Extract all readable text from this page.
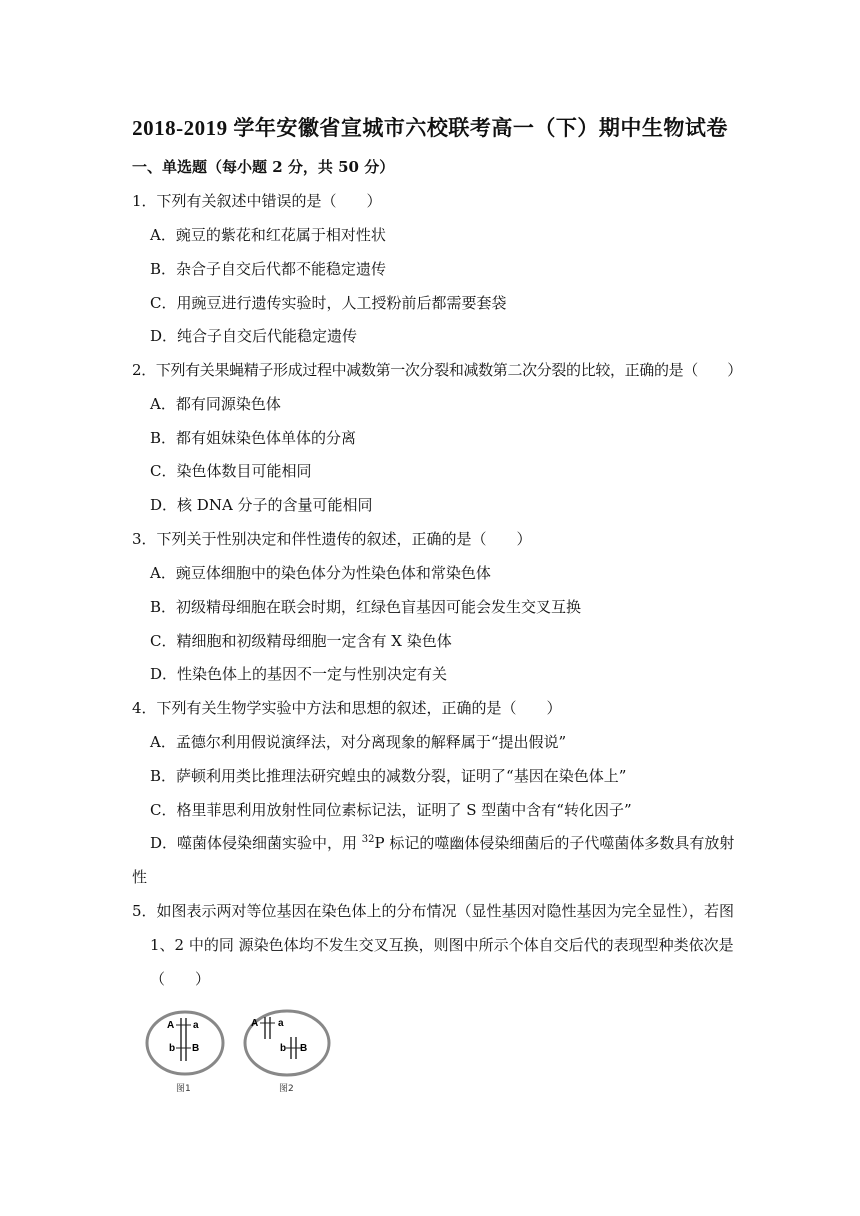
2018-2019 学年安徽省宣城市六校联考高一（下）期中生物试卷
一、单选题（每小题 2 分，共 50 分）
1．下列有关叙述中错误的是（　　）
A．豌豆的紫花和红花属于相对性状
B．杂合子自交后代都不能稳定遗传
C．用豌豆进行遗传实验时，人工授粉前后都需要套袋
D．纯合子自交后代能稳定遗传
2．下列有关果蝇精子形成过程中减数第一次分裂和减数第二次分裂的比较，正确的是（　　）
A．都有同源染色体
B．都有姐妹染色体单体的分离
C．染色体数目可能相同
D．核 DNA 分子的含量可能相同
3．下列关于性别决定和伴性遗传的叙述，正确的是（　　）
A．豌豆体细胞中的染色体分为性染色体和常染色体
B．初级精母细胞在联会时期，红绿色盲基因可能会发生交叉互换
C．精细胞和初级精母细胞一定含有 X 染色体
D．性染色体上的基因不一定与性别决定有关
4．下列有关生物学实验中方法和思想的叙述，正确的是（　　）
A．孟德尔利用假说演绎法，对分离现象的解释属于“提出假说”
B．萨顿利用类比推理法研究蝗虫的减数分裂，证明了“基因在染色体上”
C．格里菲思利用放射性同位素标记法，证明了 S 型菌中含有“转化因子”
D．噬菌体侵染细菌实验中，用 $^{32}$P 标记的噬幽体侵染细菌后的子代噬菌体多数具有放射
性
5．如图表示两对等位基因在染色体上的分布情况（显性基因对隐性基因为完全显性），若图
1、2 中的同 源染色体均不发生交叉互换，则图中所示个体自交后代的表现型种类依次是
（　　）
A a
b B
图1
A a
b B
图2
